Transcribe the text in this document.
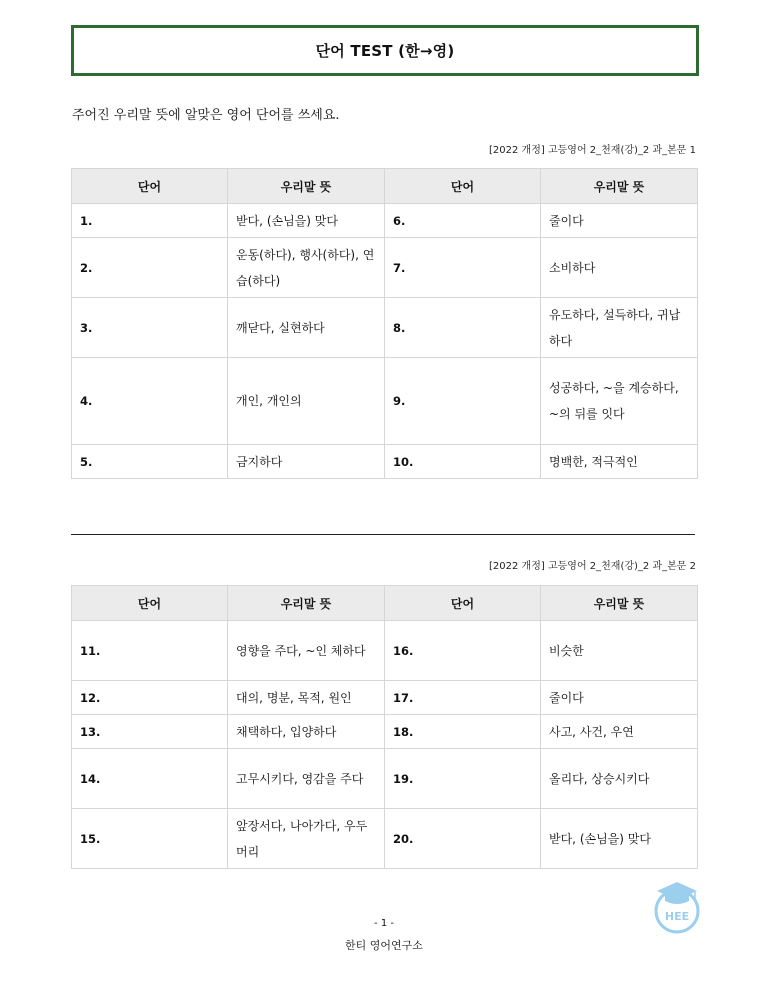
단어 TEST (한→영)
주어진 우리말 뜻에 알맞은 영어 단어를 쓰세요.
[2022 개정] 고등영어 2_천재(강)_2 과_본문 1
단어	우리말 뜻	단어	우리말 뜻
1.	받다, (손님을) 맞다	6.	줄이다
2.	운동(하다), 행사(하다), 연습(하다)	7.	소비하다
3.	깨닫다, 실현하다	8.	유도하다, 설득하다, 귀납하다
4.	개인, 개인의	9.	성공하다, ~을 계승하다, ~의 뒤를 잇다
5.	금지하다	10.	명백한, 적극적인
[2022 개정] 고등영어 2_천재(강)_2 과_본문 2
단어	우리말 뜻	단어	우리말 뜻
11.	영향을 주다, ~인 체하다	16.	비슷한
12.	대의, 명분, 목적, 원인	17.	줄이다
13.	채택하다, 입양하다	18.	사고, 사건, 우연
14.	고무시키다, 영감을 주다	19.	올리다, 상승시키다
15.	앞장서다, 나아가다, 우두머리	20.	받다, (손님을) 맞다
- 1 -
한티 영어연구소
HEE
